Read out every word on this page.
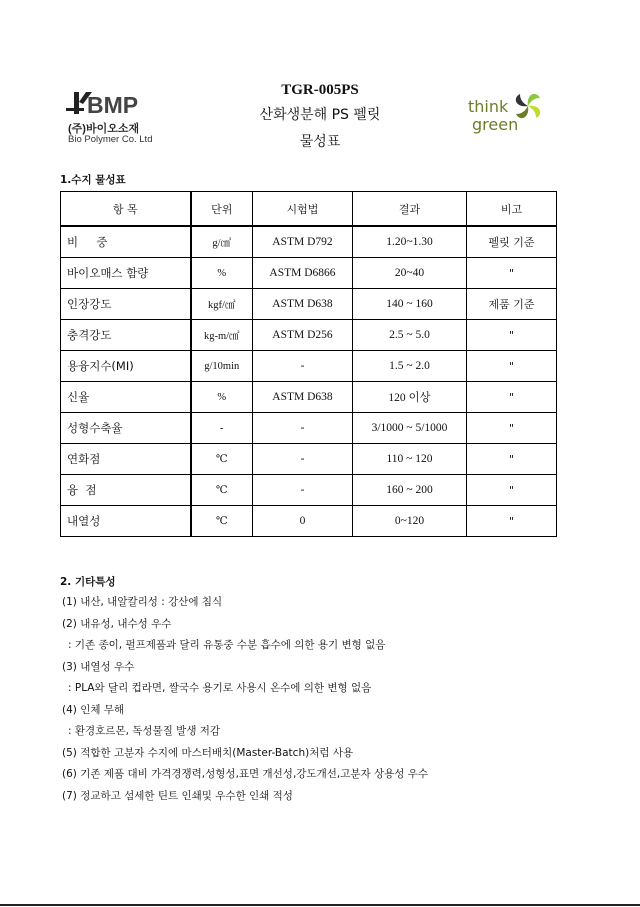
BMP
(주)바이오소재
Bio Polymer Co. Ltd
TGR-005PS
산화생분해 PS 펠릿
물성표
think
green
1.수지 물성표
항 목	단위	시험법	결과	비고
비     중	g/㎤	ASTM D792	1.20~1.30	펠릿 기준
바이오매스 함량	%	ASTM D6866	20~40	"
인장강도	kgf/㎠	ASTM D638	140 ~ 160	제품 기준
충격강도	kg-m/㎠	ASTM D256	2.5 ~ 5.0	"
용융지수(MI)	g/10min	-	1.5 ~ 2.0	"
신율	%	ASTM D638	120 이상	"
성형수축율	-	-	3/1000 ~ 5/1000	"
연화점	℃	-	110 ~ 120	"
융  점	℃	-	160 ~ 200	"
내열성	℃	0	0~120	"
2. 기타특성
(1) 내산, 내알칼리성 : 강산에 침식
(2) 내유성, 내수성 우수
: 기존 종이, 펄프제품과 달리 유통중 수분 흡수에 의한 용기 변형 없음
(3) 내열성 우수
: PLA와 달리 컵라면, 쌀국수 용기로 사용시 온수에 의한 변형 없음
(4) 인체 무해
: 환경호르몬, 독성물질 발생 저감
(5) 적합한 고분자 수지에 마스터배치(Master-Batch)처럼 사용
(6) 기존 제품 대비 가격경쟁력,성형성,표면 개선성,강도개선,고분자 상용성 우수
(7) 정교하고 섬세한 틴트 인쇄및 우수한 인쇄 적성
